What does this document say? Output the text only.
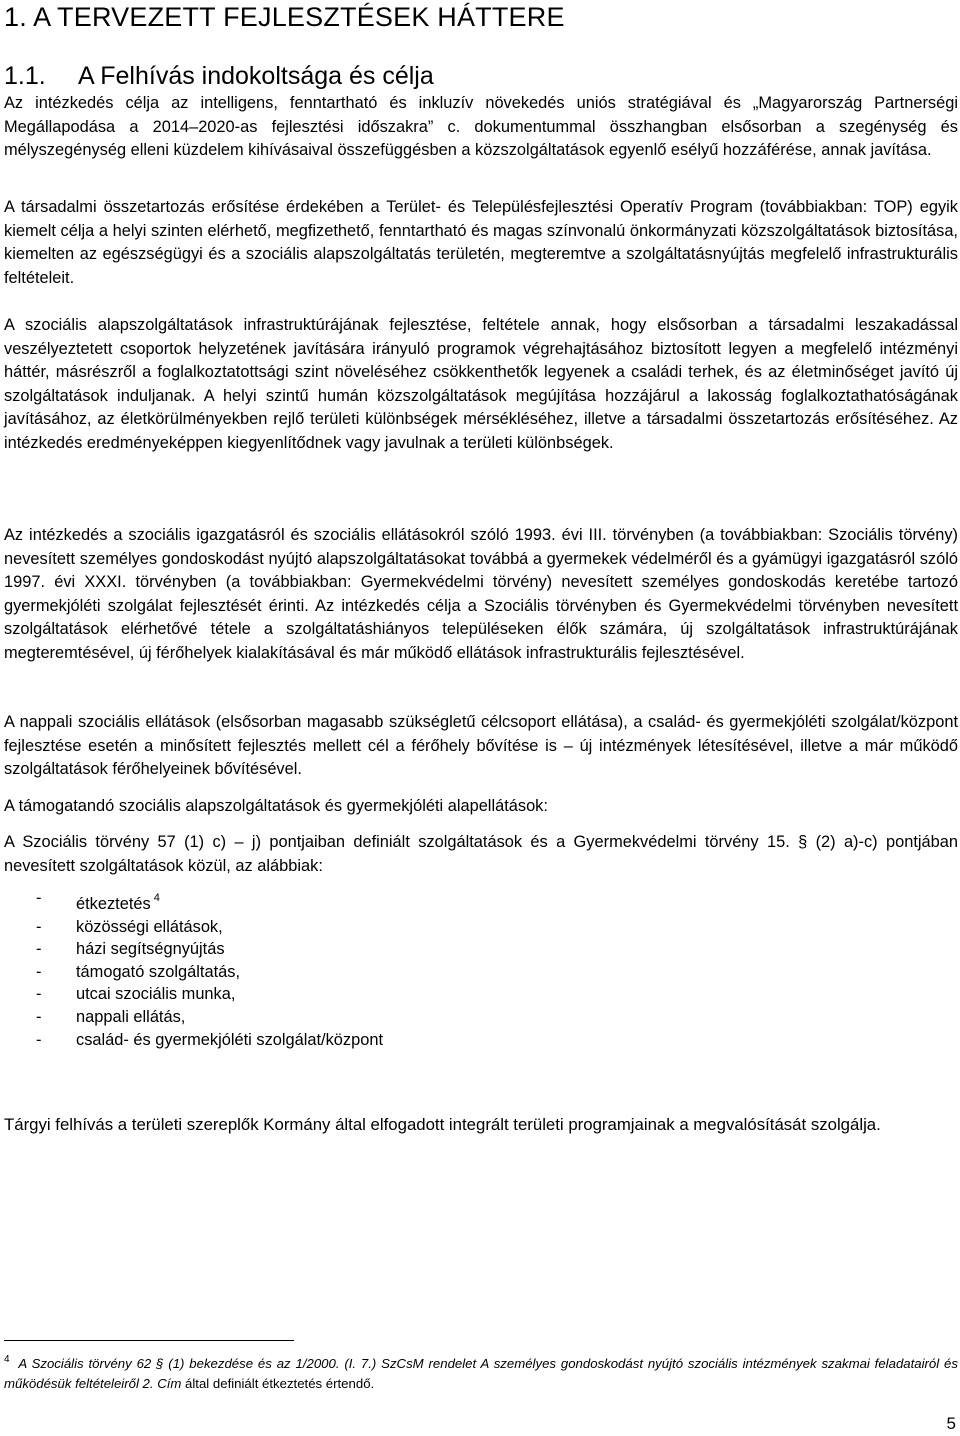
1. A TERVEZETT FEJLESZTÉSEK HÁTTERE
1.1. A Felhívás indokoltsága és célja

Az intézkedés célja az intelligens, fenntartható és inkluzív növekedés uniós stratégiával és „Magyarország Partnerségi Megállapodása a 2014–2020-as fejlesztési időszakra” c. dokumentummal összhangban elsősorban a szegénység és mélyszegénység elleni küzdelem kihívásaival összefüggésben a közszolgáltatások egyenlő esélyű hozzáférése, annak javítása.

A társadalmi összetartozás erősítése érdekében a Terület- és Településfejlesztési Operatív Program (továbbiakban: TOP) egyik kiemelt célja a helyi szinten elérhető, megfizethető, fenntartható és magas színvonalú önkormányzati közszolgáltatások biztosítása, kiemelten az egészségügyi és a szociális alapszolgáltatás területén, megteremtve a szolgáltatásnyújtás megfelelő infrastrukturális feltételeit.

A szociális alapszolgáltatások infrastruktúrájának fejlesztése, feltétele annak, hogy elsősorban a társadalmi leszakadással veszélyeztetett csoportok helyzetének javítására irányuló programok végrehajtásához biztosított legyen a megfelelő intézményi háttér, másrészről a foglalkoztatottsági szint növeléséhez csökkenthetők legyenek a családi terhek, és az életminőséget javító új szolgáltatások induljanak. A helyi szintű humán közszolgáltatások megújítása hozzájárul a lakosság foglalkoztathatóságának javításához, az életkörülményekben rejlő területi különbségek mérsékléséhez, illetve a társadalmi összetartozás erősítéséhez. Az intézkedés eredményeképpen kiegyenlítődnek vagy javulnak a területi különbségek.

Az intézkedés a szociális igazgatásról és szociális ellátásokról szóló 1993. évi III. törvényben (a továbbiakban: Szociális törvény) nevesített személyes gondoskodást nyújtó alapszolgáltatásokat továbbá a gyermekek védelméről és a gyámügyi igazgatásról szóló 1997. évi XXXI. törvényben (a továbbiakban: Gyermekvédelmi törvény) nevesített személyes gondoskodás keretébe tartozó gyermekjóléti szolgálat fejlesztését érinti. Az intézkedés célja a Szociális törvényben és Gyermekvédelmi törvényben nevesített szolgáltatások elérhetővé tétele a szolgáltatáshiányos településeken élők számára, új szolgáltatások infrastruktúrájának megteremtésével, új férőhelyek kialakításával és már működő ellátások infrastrukturális fejlesztésével.

A nappali szociális ellátások (elsősorban magasabb szükségletű célcsoport ellátása), a család- és gyermekjóléti szolgálat/központ fejlesztése esetén a minősített fejlesztés mellett cél a férőhely bővítése is – új intézmények létesítésével, illetve a már működő szolgáltatások férőhelyeinek bővítésével.

A támogatandó szociális alapszolgáltatások és gyermekjóléti alapellátások:

A Szociális törvény 57 (1) c) – j) pontjaiban definiált szolgáltatások és a Gyermekvédelmi törvény 15. § (2) a)-c) pontjában nevesített szolgáltatások közül, az alábbiak:

-	étkeztetés $^4$
-	közösségi ellátások,
-	házi segítségnyújtás
-	támogató szolgáltatás,
-	utcai szociális munka,
-	nappali ellátás,
-	család- és gyermekjóléti szolgálat/központ

Tárgyi felhívás a területi szereplők Kormány által elfogadott integrált területi programjainak a megvalósítását szolgálja.

$^4$ A Szociális törvény 62 § (1) bekezdése és az 1/2000. (I. 7.) SzCsM rendelet A személyes gondoskodást nyújtó szociális intézmények szakmai feladatairól és működésük feltételeiről 2. Cím által definiált étkeztetés értendő.
5
